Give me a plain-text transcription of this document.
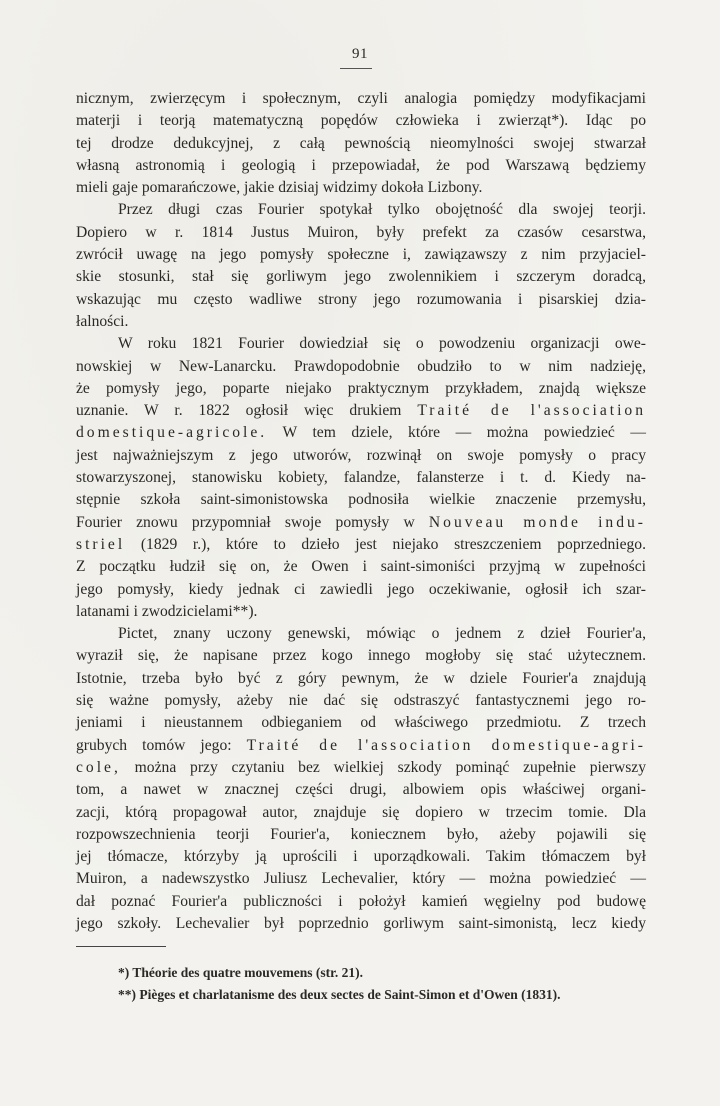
91
nicznym, zwierzęcym i społecznym, czyli analogia pomiędzy modyfikacjami
materji i teorją matematyczną popędów człowieka i zwierząt*). Idąc po
tej drodze dedukcyjnej, z całą pewnością nieomylności swojej stwarzał
własną astronomią i geologią i przepowiadał, że pod Warszawą będziemy
mieli gaje pomarańczowe, jakie dzisiaj widzimy dokoła Lizbony.
Przez długi czas Fourier spotykał tylko obojętność dla swojej teorji.
Dopiero w r. 1814 Justus Muiron, były prefekt za czasów cesarstwa,
zwrócił uwagę na jego pomysły społeczne i, zawiązawszy z nim przyjaciel-
skie stosunki, stał się gorliwym jego zwolennikiem i szczerym doradcą,
wskazując mu często wadliwe strony jego rozumowania i pisarskiej dzia-
łalności.
W roku 1821 Fourier dowiedział się o powodzeniu organizacji owe-
nowskiej w New-Lanarcku. Prawdopodobnie obudziło to w nim nadzieję,
że pomysły jego, poparte niejako praktycznym przykładem, znajdą większe
uznanie. W r. 1822 ogłosił więc drukiem Traité de l'association
domestique-agricole. W tem dziele, które — można powiedzieć —
jest najważniejszym z jego utworów, rozwinął on swoje pomysły o pracy
stowarzyszonej, stanowisku kobiety, falandze, falansterze i t. d. Kiedy na-
stępnie szkoła saint-simonistowska podnosiła wielkie znaczenie przemysłu,
Fourier znowu przypomniał swoje pomysły w Nouveau monde indu-
striel (1829 r.), które to dzieło jest niejako streszczeniem poprzedniego.
Z początku łudził się on, że Owen i saint-simoniści przyjmą w zupełności
jego pomysły, kiedy jednak ci zawiedli jego oczekiwanie, ogłosił ich szar-
latanami i zwodzicielami**).
Pictet, znany uczony genewski, mówiąc o jednem z dzieł Fourier'a,
wyraził się, że napisane przez kogo innego mogłoby się stać użytecznem.
Istotnie, trzeba było być z góry pewnym, że w dziele Fourier'a znajdują
się ważne pomysły, ażeby nie dać się odstraszyć fantastycznemi jego ro-
jeniami i nieustannem odbieganiem od właściwego przedmiotu. Z trzech
grubych tomów jego: Traité de l'association domestique-agri-
cole, można przy czytaniu bez wielkiej szkody pominąć zupełnie pierwszy
tom, a nawet w znacznej części drugi, albowiem opis właściwej organi-
zacji, którą propagował autor, znajduje się dopiero w trzecim tomie. Dla
rozpowszechnienia teorji Fourier'a, koniecznem było, ażeby pojawili się
jej tłómacze, którzyby ją uprościli i uporządkowali. Takim tłómaczem był
Muiron, a nadewszystko Juliusz Lechevalier, który — można powiedzieć —
dał poznać Fourier'a publiczności i położył kamień węgielny pod budowę
jego szkoły. Lechevalier był poprzednio gorliwym saint-simonistą, lecz kiedy
*) Théorie des quatre mouvemens (str. 21).
**) Pièges et charlatanisme des deux sectes de Saint-Simon et d'Owen (1831).
